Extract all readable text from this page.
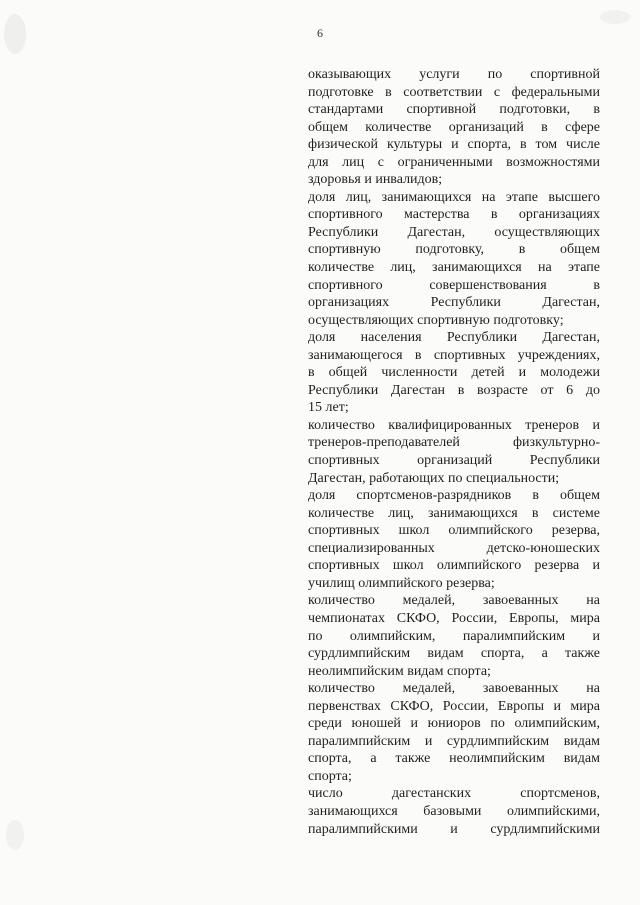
6
оказывающих услуги по спортивной
подготовке в соответствии с федеральными
стандартами спортивной подготовки, в
общем количестве организаций в сфере
физической культуры и спорта, в том числе
для лиц с ограниченными возможностями
здоровья и инвалидов;
доля лиц, занимающихся на этапе высшего
спортивного мастерства в организациях
Республики Дагестан, осуществляющих
спортивную подготовку, в общем
количестве лиц, занимающихся на этапе
спортивного совершенствования в
организациях Республики Дагестан,
осуществляющих спортивную подготовку;
доля населения Республики Дагестан,
занимающегося в спортивных учреждениях,
в общей численности детей и молодежи
Республики Дагестан в возрасте от 6 до
15 лет;
количество квалифицированных тренеров и
тренеров-преподавателей физкультурно-
спортивных организаций Республики
Дагестан, работающих по специальности;
доля спортсменов-разрядников в общем
количестве лиц, занимающихся в системе
спортивных школ олимпийского резерва,
специализированных детско-юношеских
спортивных школ олимпийского резерва и
училищ олимпийского резерва;
количество медалей, завоеванных на
чемпионатах СКФО, России, Европы, мира
по олимпийским, паралимпийским и
сурдлимпийским видам спорта, а также
неолимпийским видам спорта;
количество медалей, завоеванных на
первенствах СКФО, России, Европы и мира
среди юношей и юниоров по олимпийским,
паралимпийским и сурдлимпийским видам
спорта, а также неолимпийским видам
спорта;
число дагестанских спортсменов,
занимающихся базовыми олимпийскими,
паралимпийскими и сурдлимпийскими
